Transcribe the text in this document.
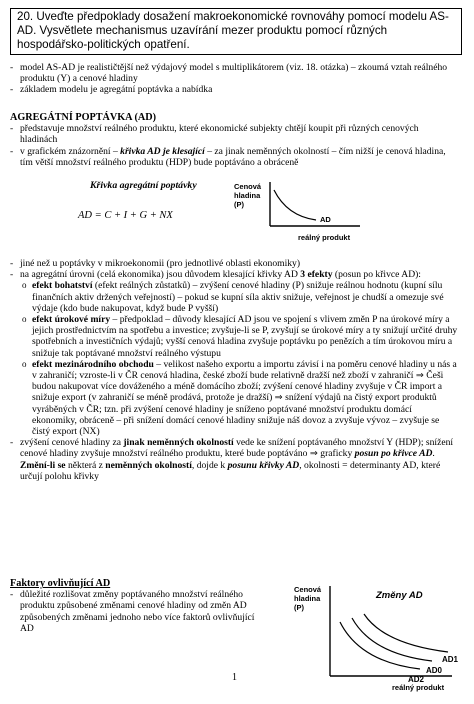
20. Uveďte předpoklady dosažení makroekonomické rovnováhy pomocí modelu AS-AD. Vysvětlete mechanismus uzavírání mezer produktu pomocí různých hospodářsko-politických opatření.
- model AS-AD je realističtější než výdajový model s multiplikátorem (viz. 18. otázka) – zkoumá vztah reálného produktu (Y) a cenové hladiny
- základem modelu je agregátní poptávka a nabídka
AGREGÁTNÍ POPTÁVKA (AD)
- představuje množství reálného produktu, které ekonomické subjekty chtějí koupit při různých cenových hladinách
- v grafickém znázornění – křivka AD je klesající – za jinak neměnných okolností – čím nižší je cenová hladina, tím větší množství reálného produktu (HDP) bude poptáváno a obráceně
Křivka agregátní poptávky
AD = C + I + G + NX
Cenová
hladina
(P)
AD
reálný produkt
- jiné než u poptávky v mikroekonomii (pro jednotlivé oblasti ekonomiky)
- na agregátní úrovni (celá ekonomika) jsou důvodem klesající křivky AD 3 efekty (posun po křivce AD):
o efekt bohatství (efekt reálných zůstatků) – zvýšení cenové hladiny (P) snižuje reálnou hodnotu (kupní sílu finančních aktiv držených veřejností) – pokud se kupní síla aktiv snižuje, veřejnost je chudší a omezuje své výdaje (kdo bude nakupovat, když bude P vyšší)
o efekt úrokové míry – předpoklad – důvody klesající AD jsou ve spojení s vlivem změn P na úrokové míry a jejich prostřednictvím na spotřebu a investice; zvyšuje-li se P, zvyšují se úrokové míry a ty snižují určité druhy spotřebních a investičních výdajů; vyšší cenová hladina zvyšuje poptávku po penězích a tím úrokovou míru a snižuje tak poptávané množství reálného výstupu
o efekt mezinárodního obchodu – velikost našeho exportu a importu závisí i na poměru cenové hladiny u nás a v zahraničí; vzroste-li v ČR cenová hladina, české zboží bude relativně dražší než zboží v zahraničí ⇒ Češi budou nakupovat více dováženého a méně domácího zboží; zvýšení cenové hladiny zvyšuje v ČR import a snižuje export (v zahraničí se méně prodává, protože je dražší) ⇒ snížení výdajů na čistý export produktů vyráběných v ČR; tzn. při zvýšení cenové hladiny je sníženo poptávané množství produktu domácí ekonomiky, obráceně – při snížení domácí cenové hladiny snižuje náš dovoz a zvyšuje vývoz – zvyšuje se čistý export (NX)
- zvýšení cenové hladiny za jinak neměnných okolností vede ke snížení poptávaného množství Y (HDP); snížení cenové hladiny zvyšuje množství reálného produktu, které bude poptáváno ⇒ graficky posun po křivce AD. Změní-li se některá z neměnných okolností, dojde k posunu křivky AD, okolnosti = determinanty AD, které určují polohu křivky
Faktory ovlivňující AD
- důležité rozlišovat změny poptávaného množství reálného produktu způsobené změnami cenové hladiny od změn AD způsobených změnami jednoho nebo více faktorů ovlivňující AD
Změny AD
Cenová
hladina
(P)
AD1
AD0
AD2
reálný produkt
1
